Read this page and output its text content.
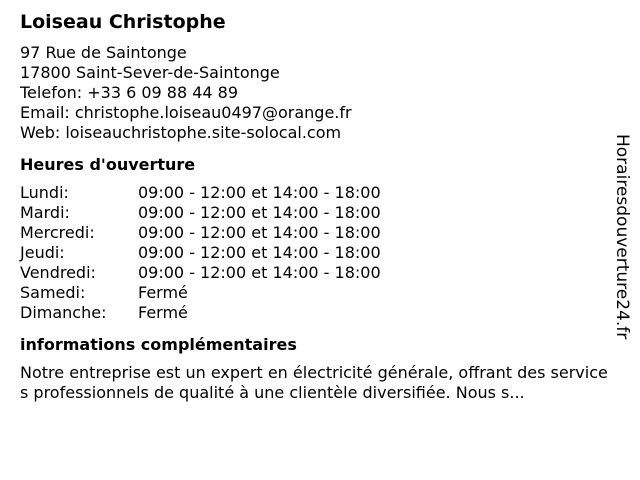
Loiseau Christophe
97 Rue de Saintonge
17800 Saint-Sever-de-Saintonge
Telefon: +33 6 09 88 44 89
Email: christophe.loiseau0497@orange.fr
Web: loiseauchristophe.site-solocal.com
Heures d'ouverture
Lundi:	09:00 - 12:00 et 14:00 - 18:00
Mardi:	09:00 - 12:00 et 14:00 - 18:00
Mercredi:	09:00 - 12:00 et 14:00 - 18:00
Jeudi:	09:00 - 12:00 et 14:00 - 18:00
Vendredi:	09:00 - 12:00 et 14:00 - 18:00
Samedi:	Fermé
Dimanche:	Fermé
informations complémentaires
Notre entreprise est un expert en électricité générale, offrant des services professionnels de qualité à une clientèle diversifiée. Nous s...
Horairesdouverture24.fr
